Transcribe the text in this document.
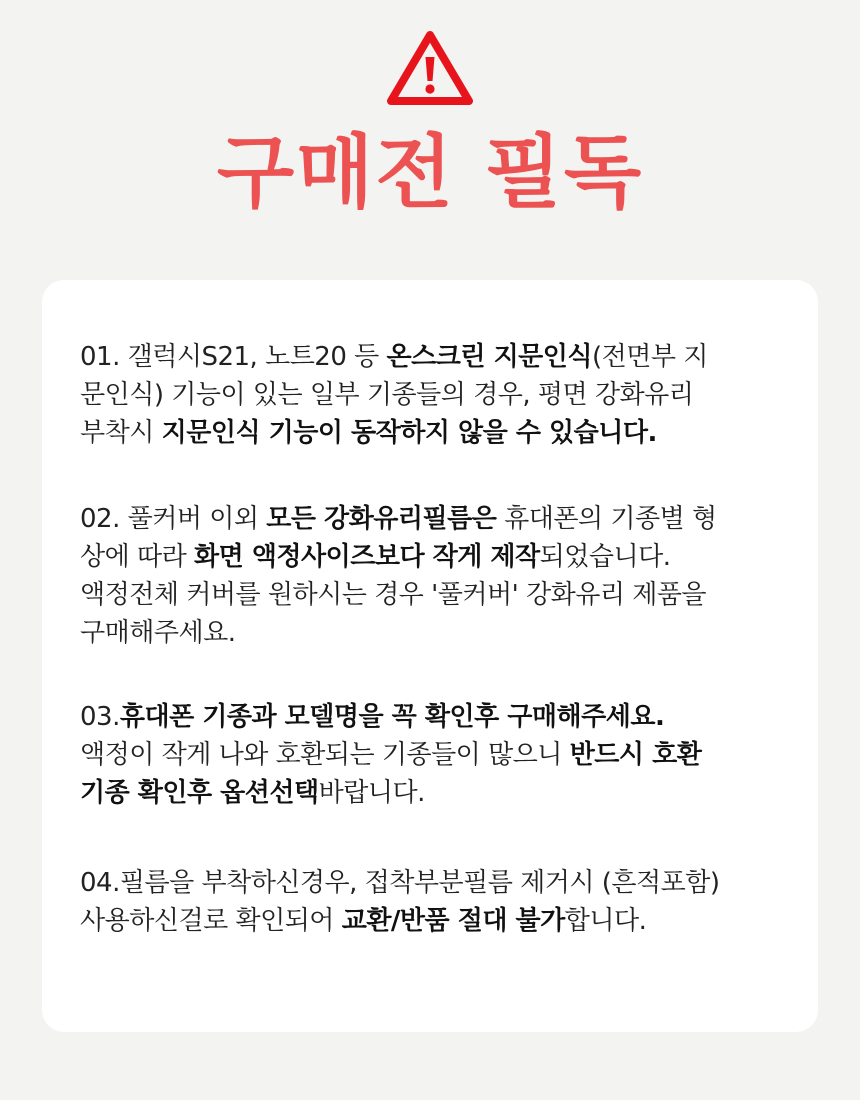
구매전 필독
01. 갤럭시S21, 노트20 등 온스크린 지문인식(전면부 지
문인식) 기능이 있는 일부 기종들의 경우, 평면 강화유리
부착시 지문인식 기능이 동작하지 않을 수 있습니다.
02. 풀커버 이외 모든 강화유리필름은 휴대폰의 기종별 형
상에 따라 화면 액정사이즈보다 작게 제작되었습니다.
액정전체 커버를 원하시는 경우 '풀커버' 강화유리 제품을
구매해주세요.
03.휴대폰 기종과 모델명을 꼭 확인후 구매해주세요.
액정이 작게 나와 호환되는 기종들이 많으니 반드시 호환
기종 확인후 옵션선택바랍니다.
04.필름을 부착하신경우, 접착부분필름 제거시 (흔적포함)
사용하신걸로 확인되어 교환/반품 절대 불가합니다.
